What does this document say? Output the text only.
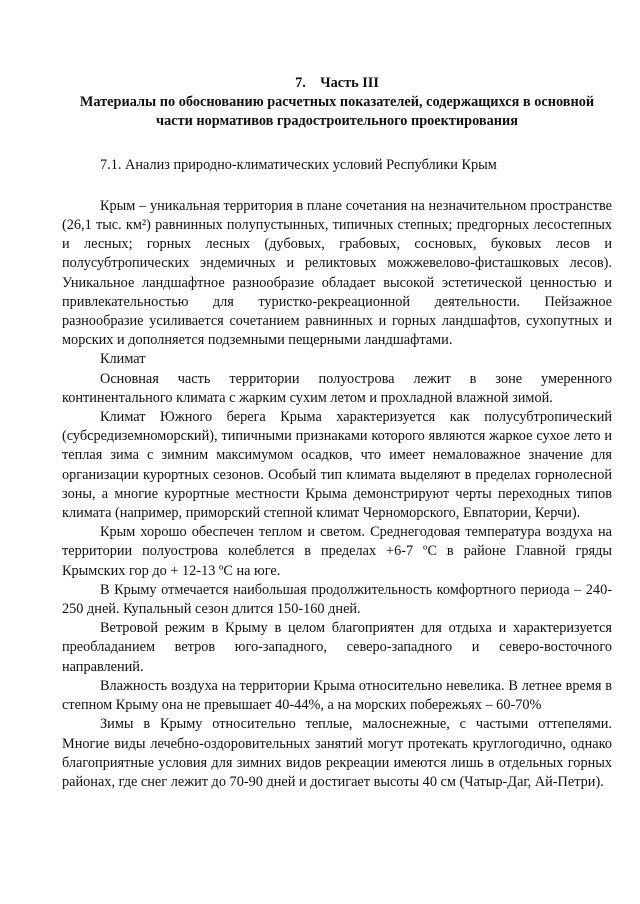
7. Часть III
Материалы по обоснованию расчетных показателей, содержащихся в основной части нормативов градостроительного проектирования
7.1. Анализ природно-климатических условий Республики Крым

Крым – уникальная территория в плане сочетания на незначительном пространстве (26,1 тыс. км²) равнинных полупустынных, типичных степных; предгорных лесостепных и лесных; горных лесных (дубовых, грабовых, сосновых, буковых лесов и полусубтропических эндемичных и реликтовых можжевелово-фисташковых лесов). Уникальное ландшафтное разнообразие обладает высокой эстетической ценностью и привлекательностью для туристко-рекреационной деятельности. Пейзажное разнообразие усиливается сочетанием равнинных и горных ландшафтов, сухопутных и морских и дополняется подземными пещерными ландшафтами.

Климат

Основная часть территории полуострова лежит в зоне умеренного континентального климата с жарким сухим летом и прохладной влажной зимой.

Климат Южного берега Крыма характеризуется как полусубтропический (субсредиземноморский), типичными признаками которого являются жаркое сухое лето и теплая зима с зимним максимумом осадков, что имеет немаловажное значение для организации курортных сезонов. Особый тип климата выделяют в пределах горнолесной зоны, а многие курортные местности Крыма демонстрируют черты переходных типов климата (например, приморский степной климат Черноморского, Евпатории, Керчи).

Крым хорошо обеспечен теплом и светом. Среднегодовая температура воздуха на территории полуострова колеблется в пределах +6-7 ºС в районе Главной гряды Крымских гор до + 12-13 ºС на юге.

В Крыму отмечается наибольшая продолжительность комфортного периода – 240-250 дней. Купальный сезон длится 150-160 дней.

Ветровой режим в Крыму в целом благоприятен для отдыха и характеризуется преобладанием ветров юго-западного, северо-западного и северо-восточного направлений.

Влажность воздуха на территории Крыма относительно невелика. В летнее время в степном Крыму она не превышает 40-44%, а на морских побережьях – 60-70%

Зимы в Крыму относительно теплые, малоснежные, с частыми оттепелями. Многие виды лечебно-оздоровительных занятий могут протекать круглогодично, однако благоприятные условия для зимних видов рекреации имеются лишь в отдельных горных районах, где снег лежит до 70-90 дней и достигает высоты 40 см (Чатыр-Даг, Ай-Петри).
